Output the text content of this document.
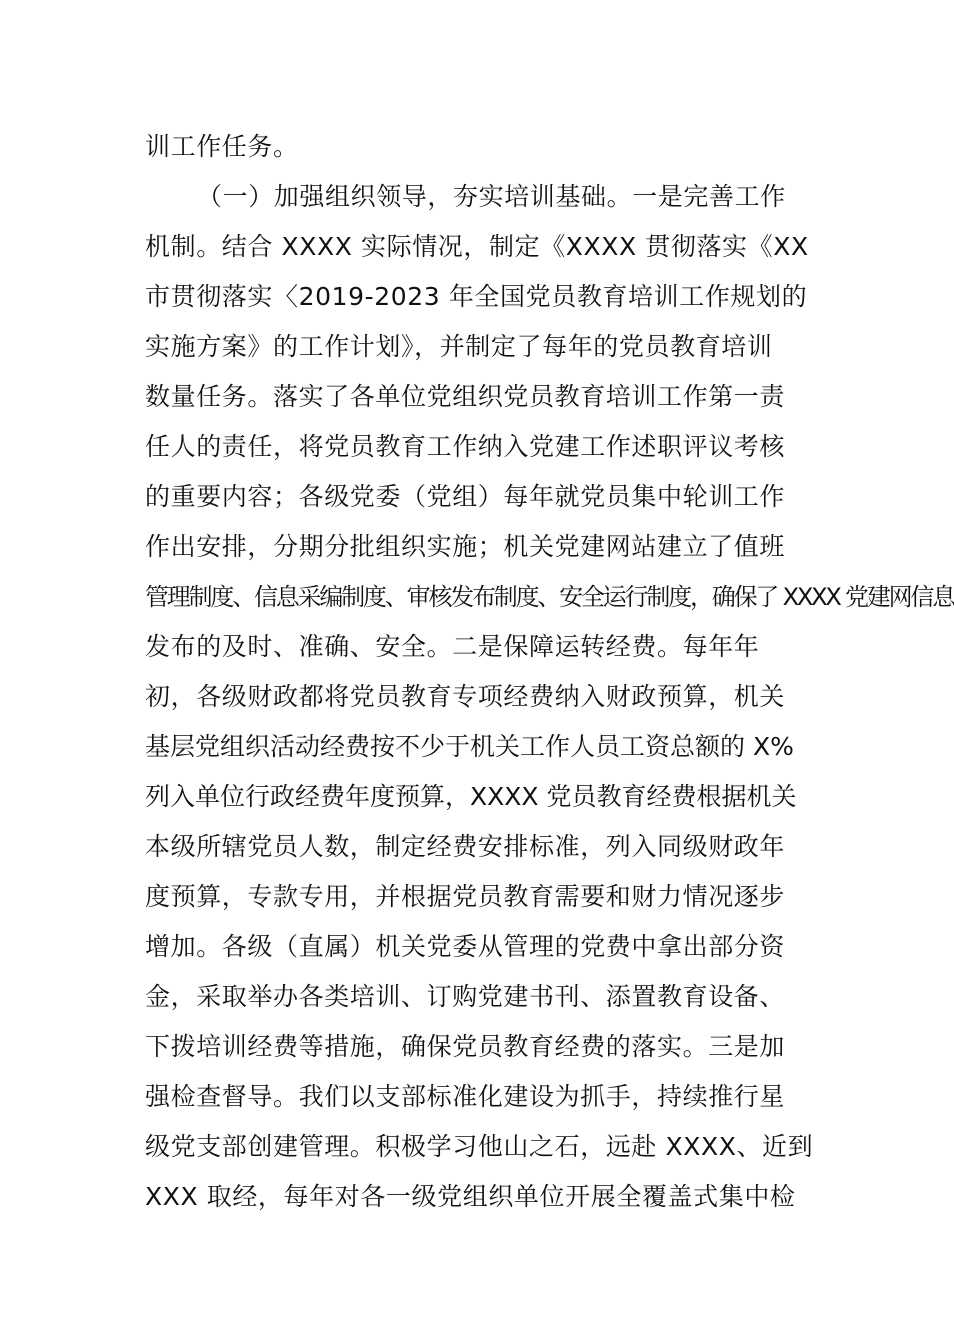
训工作任务。
（一）加强组织领导，夯实培训基础。一是完善工作
机制。结合 XXXX 实际情况，制定《XXXX 贯彻落实《XX
市贯彻落实〈2019-2023 年全国党员教育培训工作规划的
实施方案》的工作计划》，并制定了每年的党员教育培训
数量任务。落实了各单位党组织党员教育培训工作第一责
任人的责任，将党员教育工作纳入党建工作述职评议考核
的重要内容；各级党委（党组）每年就党员集中轮训工作
作出安排，分期分批组织实施；机关党建网站建立了值班
管理制度、信息采编制度、审核发布制度、安全运行制度，确保了 XXXX 党建网信息
发布的及时、准确、安全。二是保障运转经费。每年年
初，各级财政都将党员教育专项经费纳入财政预算，机关
基层党组织活动经费按不少于机关工作人员工资总额的 X%
列入单位行政经费年度预算，XXXX 党员教育经费根据机关
本级所辖党员人数，制定经费安排标准，列入同级财政年
度预算，专款专用，并根据党员教育需要和财力情况逐步
增加。各级（直属）机关党委从管理的党费中拿出部分资
金，采取举办各类培训、订购党建书刊、添置教育设备、
下拨培训经费等措施，确保党员教育经费的落实。三是加
强检查督导。我们以支部标准化建设为抓手，持续推行星
级党支部创建管理。积极学习他山之石，远赴 XXXX、近到
XXX 取经，每年对各一级党组织单位开展全覆盖式集中检
